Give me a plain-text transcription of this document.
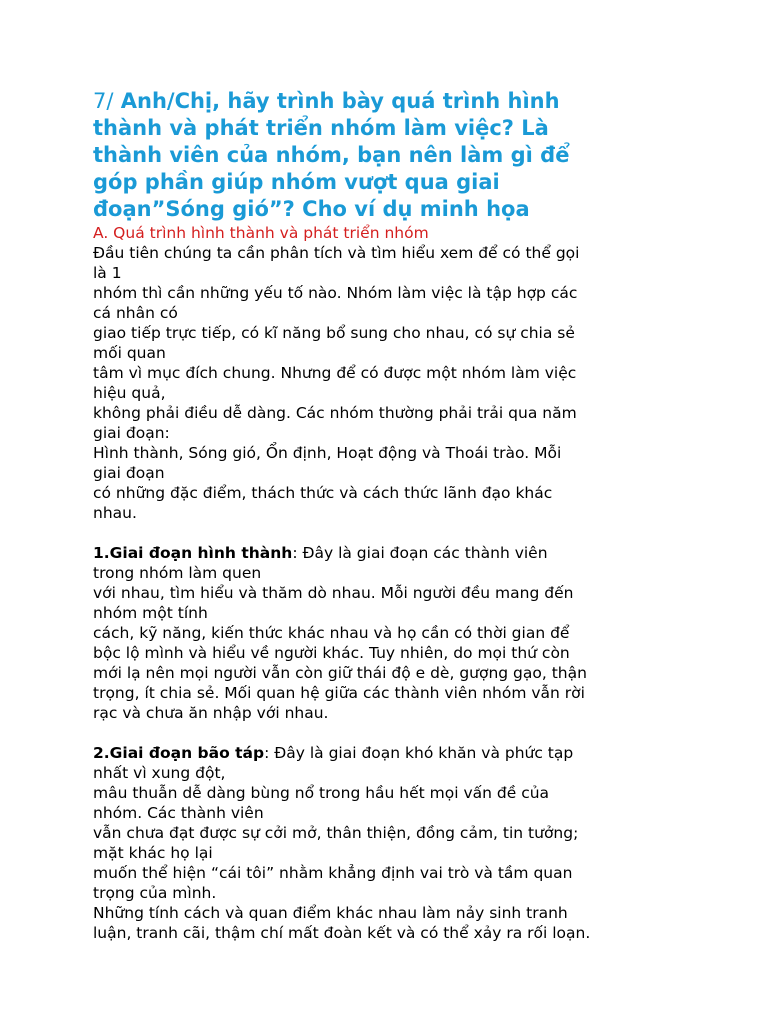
7/ Anh/Chị, hãy trình bày quá trình hình
thành và phát triển nhóm làm việc? Là
thành viên của nhóm, bạn nên làm gì để
góp phần giúp nhóm vượt qua giai
đoạn”Sóng gió”? Cho ví dụ minh họa
A. Quá trình hình thành và phát triển nhóm
Đầu tiên chúng ta cần phân tích và tìm hiểu xem để có thể gọi
là 1
nhóm thì cần những yếu tố nào. Nhóm làm việc là tập hợp các
cá nhân có
giao tiếp trực tiếp, có kĩ năng bổ sung cho nhau, có sự chia sẻ
mối quan
tâm vì mục đích chung. Nhưng để có được một nhóm làm việc
hiệu quả,
không phải điều dễ dàng. Các nhóm thường phải trải qua năm
giai đoạn:
Hình thành, Sóng gió, Ổn định, Hoạt động và Thoái trào. Mỗi
giai đoạn
có những đặc điểm, thách thức và cách thức lãnh đạo khác
nhau.
1.Giai đoạn hình thành: Đây là giai đoạn các thành viên
trong nhóm làm quen
với nhau, tìm hiểu và thăm dò nhau. Mỗi người đều mang đến
nhóm một tính
cách, kỹ năng, kiến thức khác nhau và họ cần có thời gian để
bộc lộ mình và hiểu về người khác. Tuy nhiên, do mọi thứ còn
mới lạ nên mọi người vẫn còn giữ thái độ e dè, gượng gạo, thận
trọng, ít chia sẻ. Mối quan hệ giữa các thành viên nhóm vẫn rời
rạc và chưa ăn nhập với nhau.
2.Giai đoạn bão táp: Đây là giai đoạn khó khăn và phức tạp
nhất vì xung đột,
mâu thuẫn dễ dàng bùng nổ trong hầu hết mọi vấn đề của
nhóm. Các thành viên
vẫn chưa đạt được sự cởi mở, thân thiện, đồng cảm, tin tưởng;
mặt khác họ lại
muốn thể hiện “cái tôi” nhằm khẳng định vai trò và tầm quan
trọng của mình.
Những tính cách và quan điểm khác nhau làm nảy sinh tranh
luận, tranh cãi, thậm chí mất đoàn kết và có thể xảy ra rối loạn.
